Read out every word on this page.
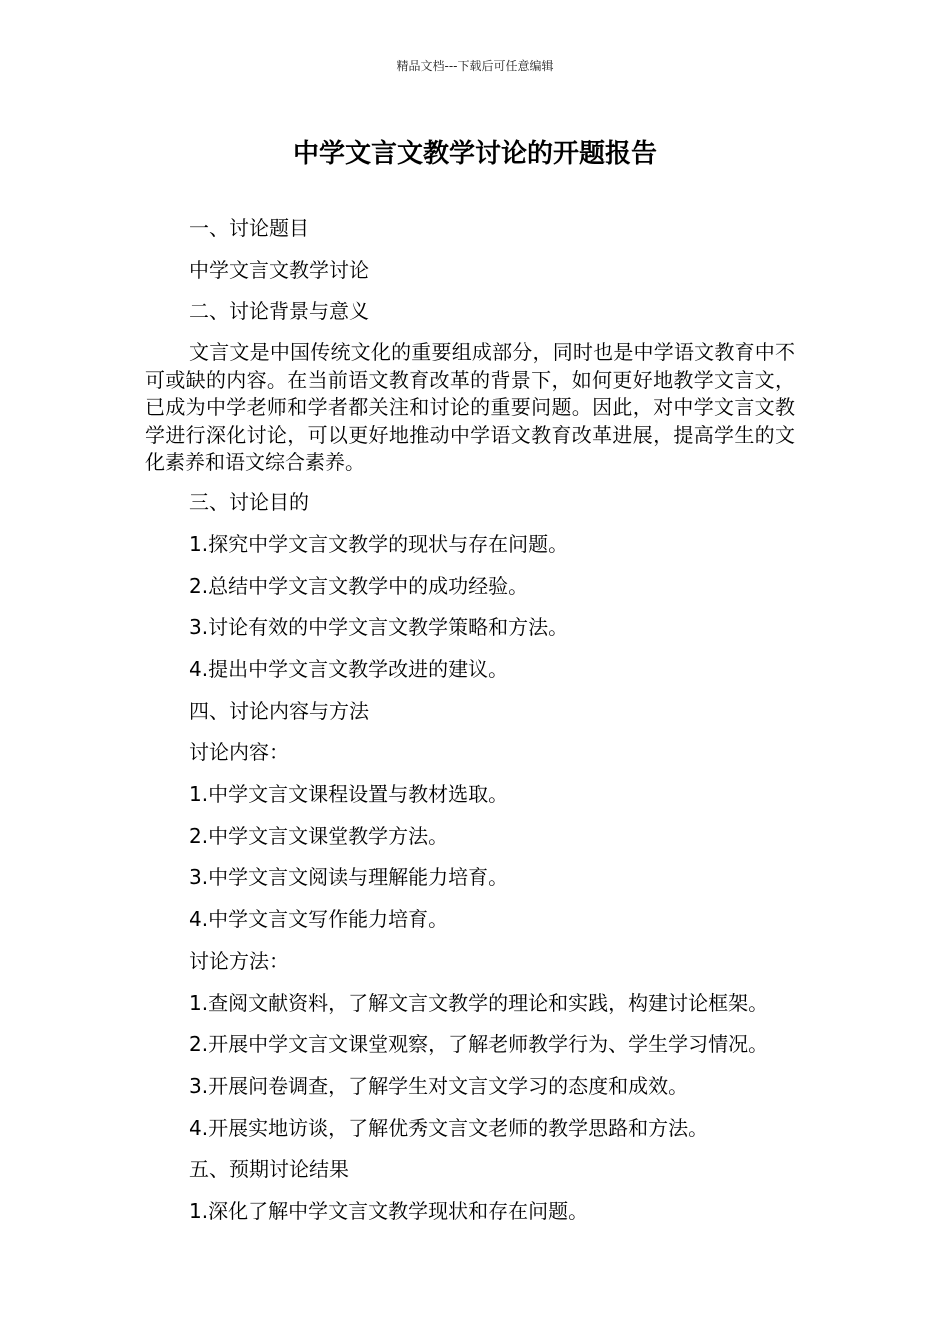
精品文档---下载后可任意编辑
中学文言文教学讨论的开题报告

一、讨论题目

中学文言文教学讨论

二、讨论背景与意义

文言文是中国传统文化的重要组成部分，同时也是中学语文教育中不可或缺的内容。在当前语文教育改革的背景下，如何更好地教学文言文，已成为中学老师和学者都关注和讨论的重要问题。因此，对中学文言文教学进行深化讨论，可以更好地推动中学语文教育改革进展，提高学生的文化素养和语文综合素养。

三、讨论目的

1.探究中学文言文教学的现状与存在问题。

2.总结中学文言文教学中的成功经验。

3.讨论有效的中学文言文教学策略和方法。

4.提出中学文言文教学改进的建议。

四、讨论内容与方法

讨论内容：

1.中学文言文课程设置与教材选取。

2.中学文言文课堂教学方法。

3.中学文言文阅读与理解能力培育。

4.中学文言文写作能力培育。

讨论方法：

1.查阅文献资料，了解文言文教学的理论和实践，构建讨论框架。

2.开展中学文言文课堂观察，了解老师教学行为、学生学习情况。

3.开展问卷调查，了解学生对文言文学习的态度和成效。

4.开展实地访谈，了解优秀文言文老师的教学思路和方法。

五、预期讨论结果

1.深化了解中学文言文教学现状和存在问题。
